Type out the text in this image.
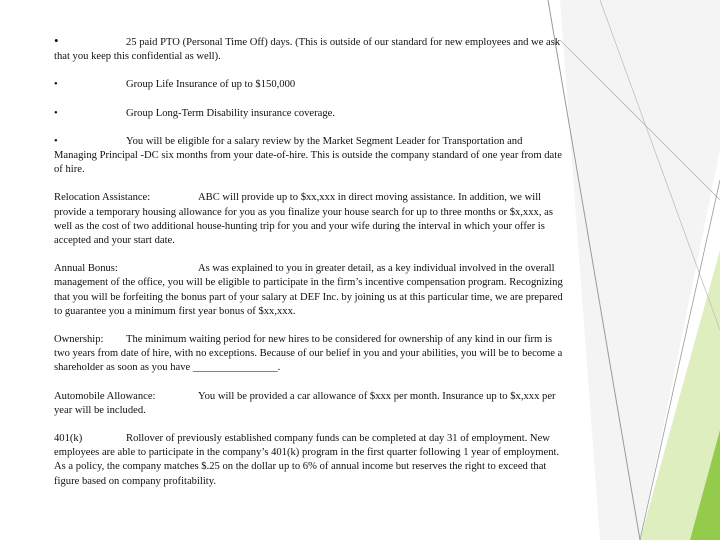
•	25 paid PTO (Personal Time Off) days. (This is outside of our standard for new employees and we ask that you keep this confidential as well).

•	Group Life Insurance of up to $150,000

•	Group Long-Term Disability insurance coverage.

•	You will be eligible for a salary review by the Market Segment Leader for Transportation and Managing Principal -DC six months from your date-of-hire. This is outside the company standard of one year from date of hire.

Relocation Assistance:	ABC will provide up to $xx,xxx in direct moving assistance. In addition, we will provide a temporary housing allowance for you as you finalize your house search for up to three months or $x,xxx, as well as the cost of two additional house-hunting trip for you and your wife during the interval in which your offer is accepted and your start date.

Annual Bonus:	As was explained to you in greater detail, as a key individual involved in the overall management of the office, you will be eligible to participate in the firm’s incentive compensation program. Recognizing that you will be forfeiting the bonus part of your salary at DEF Inc. by joining us at this particular time, we are prepared to guarantee you a minimum first year bonus of $xx,xxx.

Ownership: The minimum waiting period for new hires to be considered for ownership of any kind in our firm is two years from date of hire, with no exceptions. Because of our belief in you and your abilities, you will be to become a shareholder as soon as you have ________________.

Automobile Allowance:	You will be provided a car allowance of $xxx per month. Insurance up to $x,xxx per year will be included.

401(k)	Rollover of previously established company funds can be completed at day 31 of employment. New employees are able to participate in the company’s 401(k) program in the first quarter following 1 year of employment. As a policy, the company matches $.25 on the dollar up to 6% of annual income but reserves the right to exceed that figure based on company profitability.
